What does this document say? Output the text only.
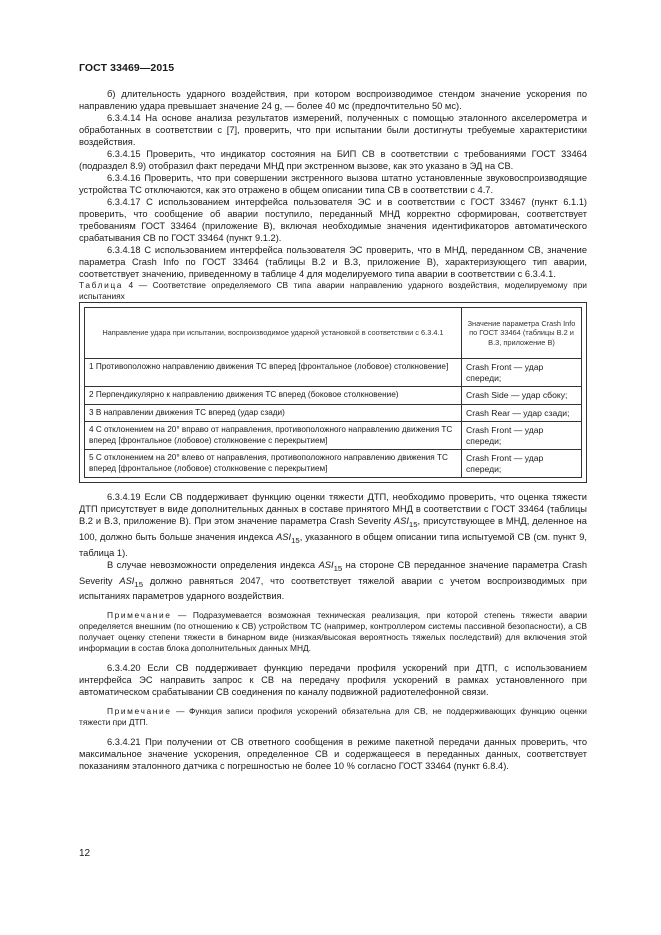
ГОСТ 33469—2015

б) длительность ударного воздействия, при котором воспроизводимое стендом значение ускорения по направлению удара превышает значение 24 g, — более 40 мс (предпочтительно 50 мс).

6.3.4.14 На основе анализа результатов измерений, полученных с помощью эталонного акселерометра и обработанных в соответствии с [7], проверить, что при испытании были достигнуты требуемые характеристики воздействия.

6.3.4.15 Проверить, что индикатор состояния на БИП СВ в соответствии с требованиями ГОСТ 33464 (подраздел 8.9) отобразил факт передачи МНД при экстренном вызове, как это указано в ЭД на СВ.

6.3.4.16 Проверить, что при совершении экстренного вызова штатно установленные звуковоспроизводящие устройства ТС отключаются, как это отражено в общем описании типа СВ в соответствии с 4.7.

6.3.4.17 С использованием интерфейса пользователя ЭС и в соответствии с ГОСТ 33467 (пункт 6.1.1) проверить, что сообщение об аварии поступило, переданный МНД корректно сформирован, соответствует требованиям ГОСТ 33464 (приложение В), включая необходимые значения идентификаторов автоматического срабатывания СВ по ГОСТ 33464 (пункт 9.1.2).

6.3.4.18 С использованием интерфейса пользователя ЭС проверить, что в МНД, переданном СВ, значение параметра Crash Info по ГОСТ 33464 (таблицы В.2 и В.3, приложение В), характеризующего тип аварии, соответствует значению, приведенному в таблице 4 для моделируемого типа аварии в соответствии с 6.3.4.1.

Таблица 4 — Соответствие определяемого СВ типа аварии направлению ударного воздействия, моделируемому при испытаниях

Направление удара при испытании, воспроизводимое ударной установкой в соответствии с 6.3.4.1	Значение параметра Crash Info по ГОСТ 33464 (таблицы В.2 и В.3, приложение В)
1 Противоположно направлению движения ТС вперед [фронтальное (лобовое) столкновение]	Crash Front — удар спереди;
2 Перпендикулярно к направлению движения ТС вперед (боковое столкновение)	Crash Side — удар сбоку;
3 В направлении движения ТС вперед (удар сзади)	Crash Rear — удар сзади;
4 С отклонением на 20° вправо от направления, противоположного направлению движения ТС вперед [фронтальное (лобовое) столкновение с перекрытием]	Crash Front — удар спереди;
5 С отклонением на 20° влево от направления, противоположного направлению движения ТС вперед [фронтальное (лобовое) столкновение с перекрытием]	Crash Front — удар спереди;

6.3.4.19 Если СВ поддерживает функцию оценки тяжести ДТП, необходимо проверить, что оценка тяжести ДТП присутствует в виде дополнительных данных в составе принятого МНД в соответствии с ГОСТ 33464 (таблицы В.2 и В.3, приложение В). При этом значение параметра Crash Severity $ASI_{15}$, присутствующее в МНД, деленное на 100, должно быть больше значения индекса $ASI_{15}$, указанного в общем описании типа испытуемой СВ (см. пункт 9, таблица 1).

В случае невозможности определения индекса $ASI_{15}$ на стороне СВ переданное значение параметра Crash Severity $ASI_{15}$ должно равняться 2047, что соответствует тяжелой аварии с учетом воспроизводимых при испытаниях параметров ударного воздействия.

Примечание — Подразумевается возможная техническая реализация, при которой степень тяжести аварии определяется внешним (по отношению к СВ) устройством ТС (например, контроллером системы пассивной безопасности), а СВ получает оценку степени тяжести в бинарном виде (низкая/высокая вероятность тяжелых последствий) для включения этой информации в состав блока дополнительных данных МНД.

6.3.4.20 Если СВ поддерживает функцию передачи профиля ускорений при ДТП, с использованием интерфейса ЭС направить запрос к СВ на передачу профиля ускорений в рамках установленного при автоматическом срабатывании СВ соединения по каналу подвижной радиотелефонной связи.

Примечание — Функция записи профиля ускорений обязательна для СВ, не поддерживающих функцию оценки тяжести при ДТП.

6.3.4.21 При получении от СВ ответного сообщения в режиме пакетной передачи данных проверить, что максимальное значение ускорения, определенное СВ и содержащееся в переданных данных, соответствует показаниям эталонного датчика с погрешностью не более 10 % согласно ГОСТ 33464 (пункт 6.8.4).

12
